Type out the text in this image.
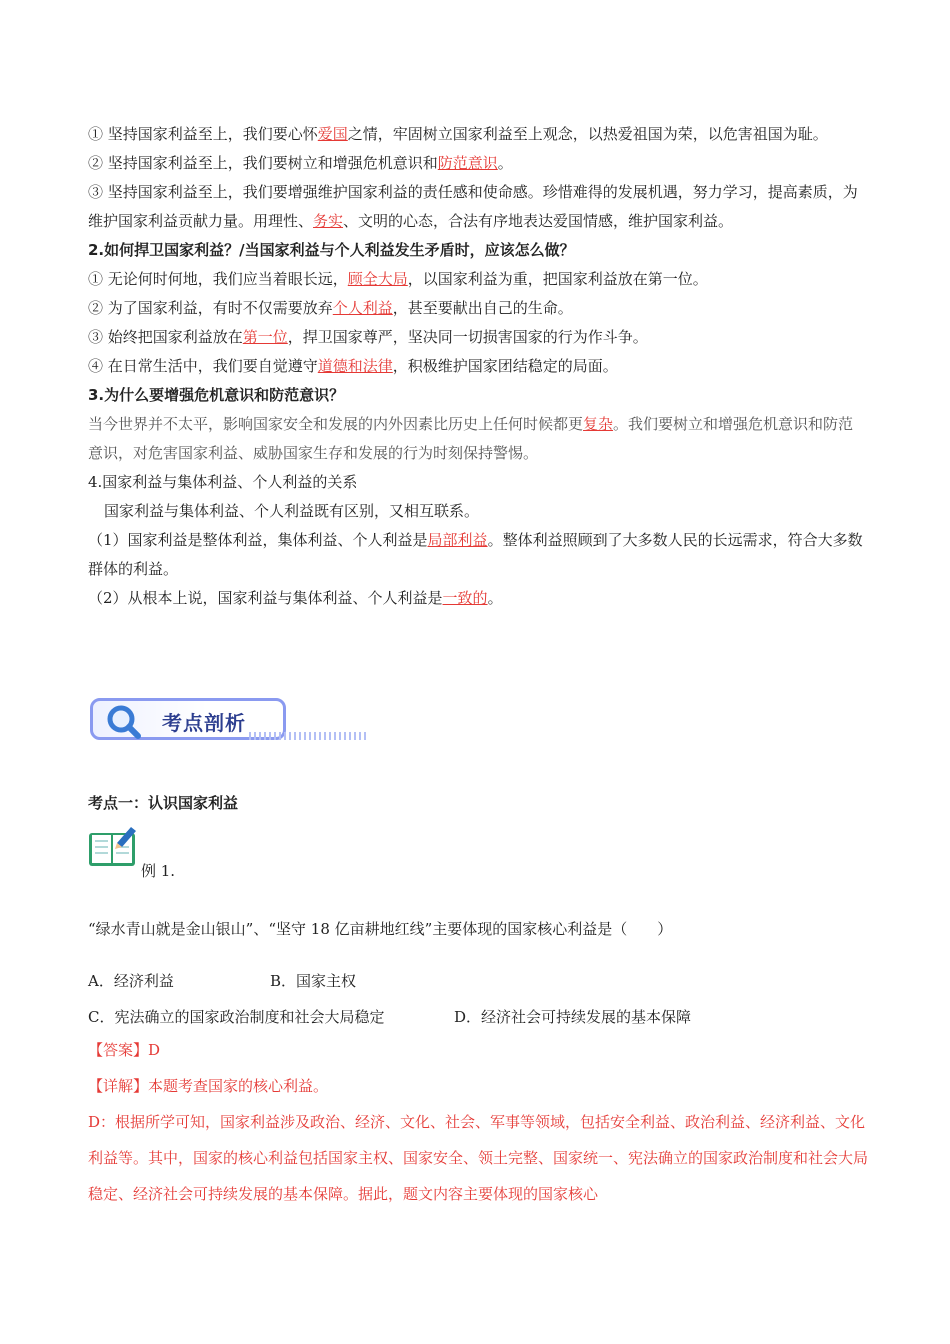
① 坚持国家利益至上，我们要心怀爱国之情，牢固树立国家利益至上观念，以热爱祖国为荣，以危害祖国为耻。

② 坚持国家利益至上，我们要树立和增强危机意识和防范意识。

③ 坚持国家利益至上，我们要增强维护国家利益的责任感和使命感。珍惜难得的发展机遇，努力学习，提高素质，为维护国家利益贡献力量。用理性、务实、文明的心态，合法有序地表达爱国情感，维护国家利益。

2.如何捍卫国家利益？/当国家利益与个人利益发生矛盾时，应该怎么做？

① 无论何时何地，我们应当着眼长远，顾全大局，以国家利益为重，把国家利益放在第一位。

② 为了国家利益，有时不仅需要放弃个人利益，甚至要献出自己的生命。

③ 始终把国家利益放在第一位，捍卫国家尊严，坚决同一切损害国家的行为作斗争。

④ 在日常生活中，我们要自觉遵守道德和法律，积极维护国家团结稳定的局面。

3.为什么要增强危机意识和防范意识？

当今世界并不太平，影响国家安全和发展的内外因素比历史上任何时候都更复杂。我们要树立和增强危机意识和防范意识，对危害国家利益、威胁国家生存和发展的行为时刻保持警惕。

4.国家利益与集体利益、个人利益的关系

国家利益与集体利益、个人利益既有区别，又相互联系。

（1）国家利益是整体利益，集体利益、个人利益是局部利益。整体利益照顾到了大多数人民的长远需求，符合大多数群体的利益。

（2）从根本上说，国家利益与集体利益、个人利益是一致的。

考点剖析
考点一：认识国家利益
例 1.
“绿水青山就是金山银山”、“坚守 18 亿亩耕地红线”主要体现的国家核心利益是（　　）
A．经济利益	B．国家主权
C．宪法确立的国家政治制度和社会大局稳定	D．经济社会可持续发展的基本保障
【答案】D
【详解】本题考查国家的核心利益。
D：根据所学可知，国家利益涉及政治、经济、文化、社会、军事等领域，包括安全利益、政治利益、经济利益、文化利益等。其中，国家的核心利益包括国家主权、国家安全、领土完整、国家统一、宪法确立的国家政治制度和社会大局稳定、经济社会可持续发展的基本保障。据此，题文内容主要体现的国家核心
